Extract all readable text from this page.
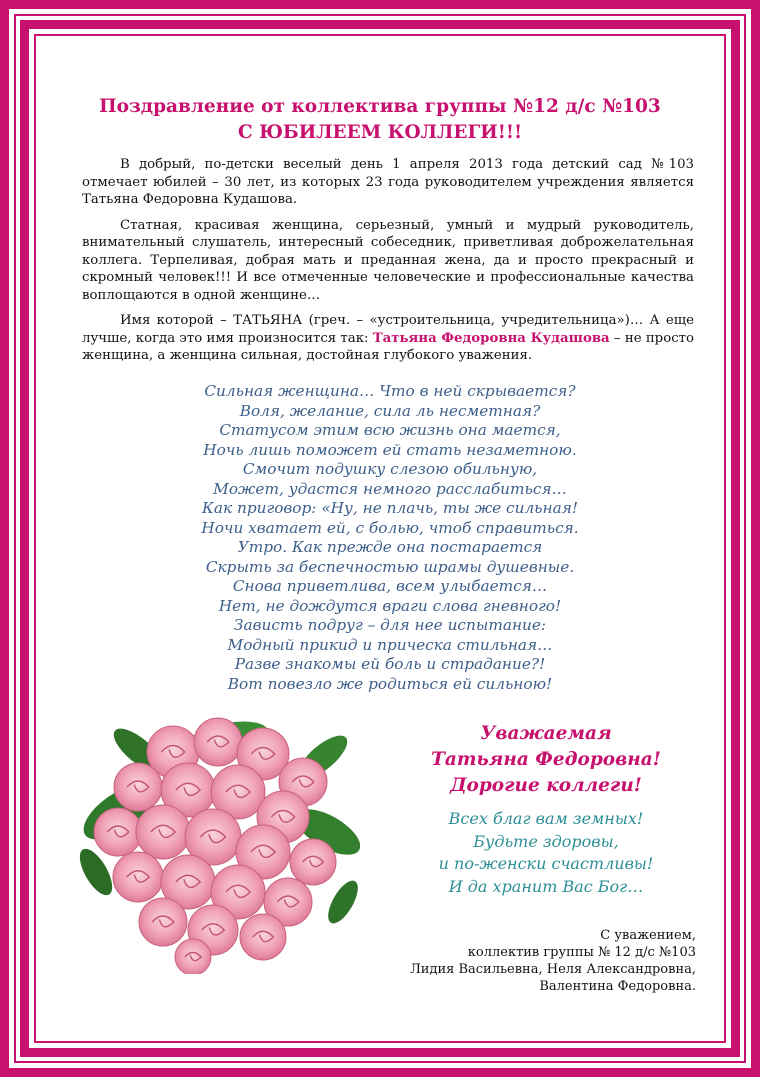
Поздравление от коллектива группы №12 д/с №103
С ЮБИЛЕЕМ КОЛЛЕГИ!!!

В добрый, по-детски веселый день 1 апреля 2013 года детский сад №103 отмечает юбилей – 30 лет, из которых 23 года руководителем учреждения является Татьяна Федоровна Кудашова.

Статная, красивая женщина, серьезный, умный и мудрый руководитель, внимательный слушатель, интересный собеседник, приветливая доброжелательная коллега. Терпеливая, добрая мать и преданная жена, да и просто прекрасный и скромный человек!!! И все отмеченные человеческие и профессиональные качества воплощаются в одной женщине…

Имя которой – ТАТЬЯНА (греч. – «устроительница, учредительница»)… А еще лучше, когда это имя произносится так: Татьяна Федоровна Кудашова – не просто женщина, а женщина сильная, достойная глубокого уважения.

Сильная женщина… Что в ней скрывается?
Воля, желание, сила ль несметная?
Статусом этим всю жизнь она мается,
Ночь лишь поможет ей стать незаметною.
Смочит подушку слезою обильную,
Может, удастся немного расслабиться…
Как приговор: «Ну, не плачь, ты же сильная!
Ночи хватает ей, с болью, чтоб справиться.
Утро. Как прежде она постарается
Скрыть за беспечностью шрамы душевные.
Снова приветлива, всем улыбается…
Нет, не дождутся враги слова гневного!
Зависть подруг – для нее испытание:
Модный прикид и прическа стильная…
Разве знакомы ей боль и страдание?!
Вот повезло же родиться ей сильною!
Уважаемая
Татьяна Федоровна!
Дорогие коллеги!
Всех благ вам земных!
Будьте здоровы,
и по-женски счастливы!
И да хранит Вас Бог…
С уважением,
коллектив группы № 12 д/с №103
Лидия Васильевна, Неля Александровна,
Валентина Федоровна.
